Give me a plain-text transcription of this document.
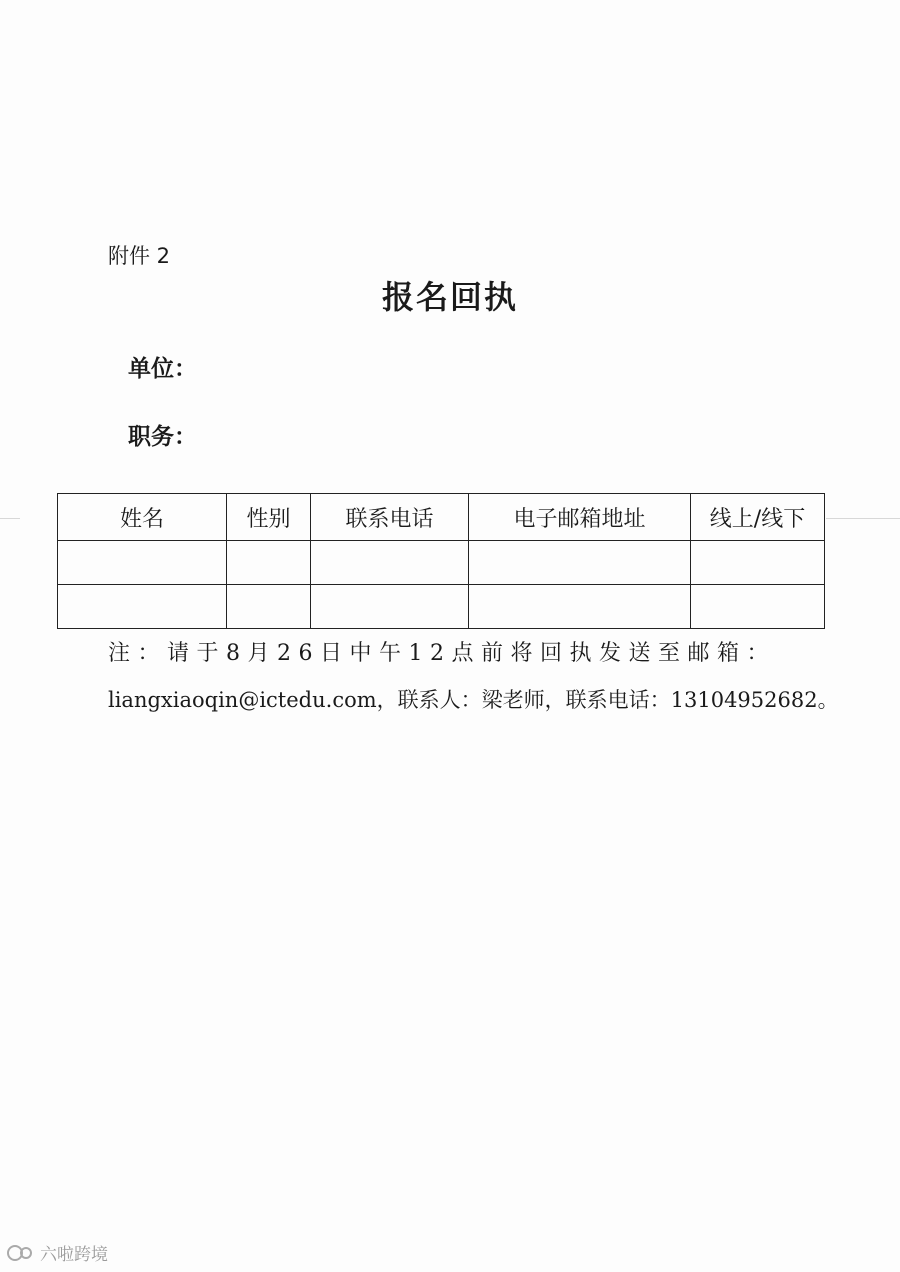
附件 2
报名回执
单位：
职务：
姓名	性别	联系电话	电子邮箱地址	线上/线下

注：请于8月26日中午12点前将回执发送至邮箱：
liangxiaoqin@ictedu.com，联系人：梁老师，联系电话：13104952682。
六啦跨境
